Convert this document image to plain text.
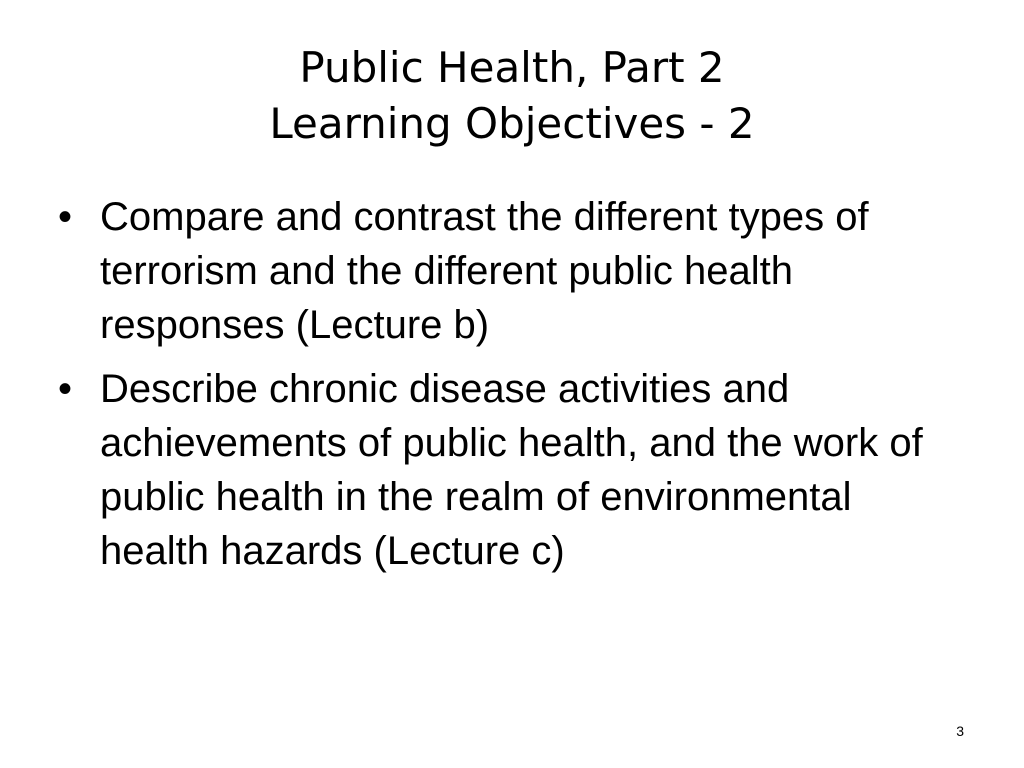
Public Health, Part 2
Learning Objectives - 2
• Compare and contrast the different types of terrorism and the different public health responses (Lecture b)
• Describe chronic disease activities and achievements of public health, and the work of public health in the realm of environmental health hazards (Lecture c)
3
